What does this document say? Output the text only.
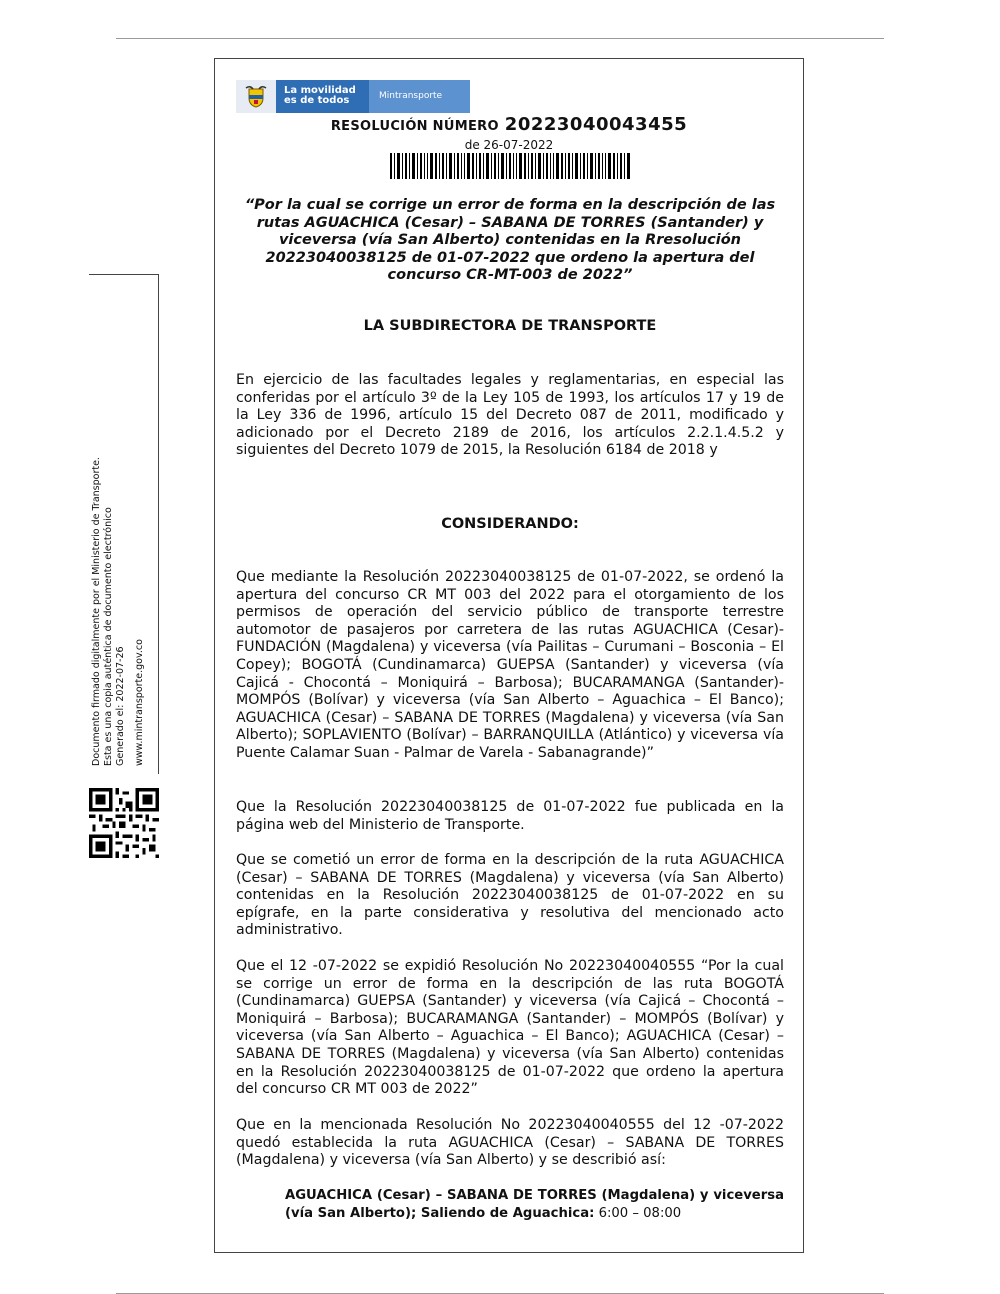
La movilidad
es de todos	Mintransporte
RESOLUCIÓN NÚMERO 20223040043455
de 26-07-2022
“Por la cual se corrige un error de forma en la descripción de las rutas AGUACHICA (Cesar) – SABANA DE TORRES (Santander) y viceversa (vía San Alberto) contenidas en la Rresolución 20223040038125 de 01-07-2022 que ordeno la apertura del concurso CR-MT-003 de 2022”
LA SUBDIRECTORA DE TRANSPORTE
En ejercicio de las facultades legales y reglamentarias, en especial las conferidas por el artículo 3º de la Ley 105 de 1993, los artículos 17 y 19 de la Ley 336 de 1996, artículo 15 del Decreto 087 de 2011, modificado y adicionado por el Decreto 2189 de 2016, los artículos 2.2.1.4.5.2 y siguientes del Decreto 1079 de 2015, la Resolución 6184 de 2018 y
CONSIDERANDO:
Que mediante la Resolución 20223040038125 de 01-07-2022, se ordenó la apertura del concurso CR MT 003 del 2022 para el otorgamiento de los permisos de operación del servicio público de transporte terrestre automotor de pasajeros por carretera de las rutas AGUACHICA (Cesar)- FUNDACIÓN (Magdalena) y viceversa (vía Pailitas – Curumani – Bosconia – El Copey); BOGOTÁ (Cundinamarca) GUEPSA (Santander) y viceversa (vía Cajicá - Chocontá – Moniquirá – Barbosa); BUCARAMANGA (Santander)- MOMPÓS (Bolívar) y viceversa (vía San Alberto – Aguachica – El Banco); AGUACHICA (Cesar) – SABANA DE TORRES (Magdalena) y viceversa (vía San Alberto); SOPLAVIENTO (Bolívar) – BARRANQUILLA (Atlántico) y viceversa vía Puente Calamar Suan - Palmar de Varela - Sabanagrande)”
Que la Resolución 20223040038125 de 01-07-2022 fue publicada en la página web del Ministerio de Transporte.
Que se cometió un error de forma en la descripción de la ruta AGUACHICA (Cesar) – SABANA DE TORRES (Magdalena) y viceversa (vía San Alberto) contenidas en la Resolución 20223040038125 de 01-07-2022 en su epígrafe, en la parte considerativa y resolutiva del mencionado acto administrativo.
Que el 12 -07-2022 se expidió Resolución No 20223040040555 “Por la cual se corrige un error de forma en la descripción de las ruta BOGOTÁ (Cundinamarca) GUEPSA (Santander) y viceversa (vía Cajicá – Chocontá – Moniquirá – Barbosa); BUCARAMANGA (Santander) – MOMPÓS (Bolívar) y viceversa (vía San Alberto – Aguachica – El Banco); AGUACHICA (Cesar) – SABANA DE TORRES (Magdalena) y viceversa (vía San Alberto) contenidas en la Resolución 20223040038125 de 01-07-2022 que ordeno la apertura del concurso CR MT 003 de 2022”
Que en la mencionada Resolución No 20223040040555 del 12 -07-2022 quedó establecida la ruta AGUACHICA (Cesar) – SABANA DE TORRES (Magdalena) y viceversa (vía San Alberto) y se describió así:
AGUACHICA (Cesar) – SABANA DE TORRES (Magdalena) y viceversa (vía San Alberto); Saliendo de Aguachica: 6:00 – 08:00
Documento firmado digitalmente por el Ministerio de Transporte. Esta es una copia auténtica de documento electrónico Generado el: 2022-07-26 www.mintransporte.gov.co
